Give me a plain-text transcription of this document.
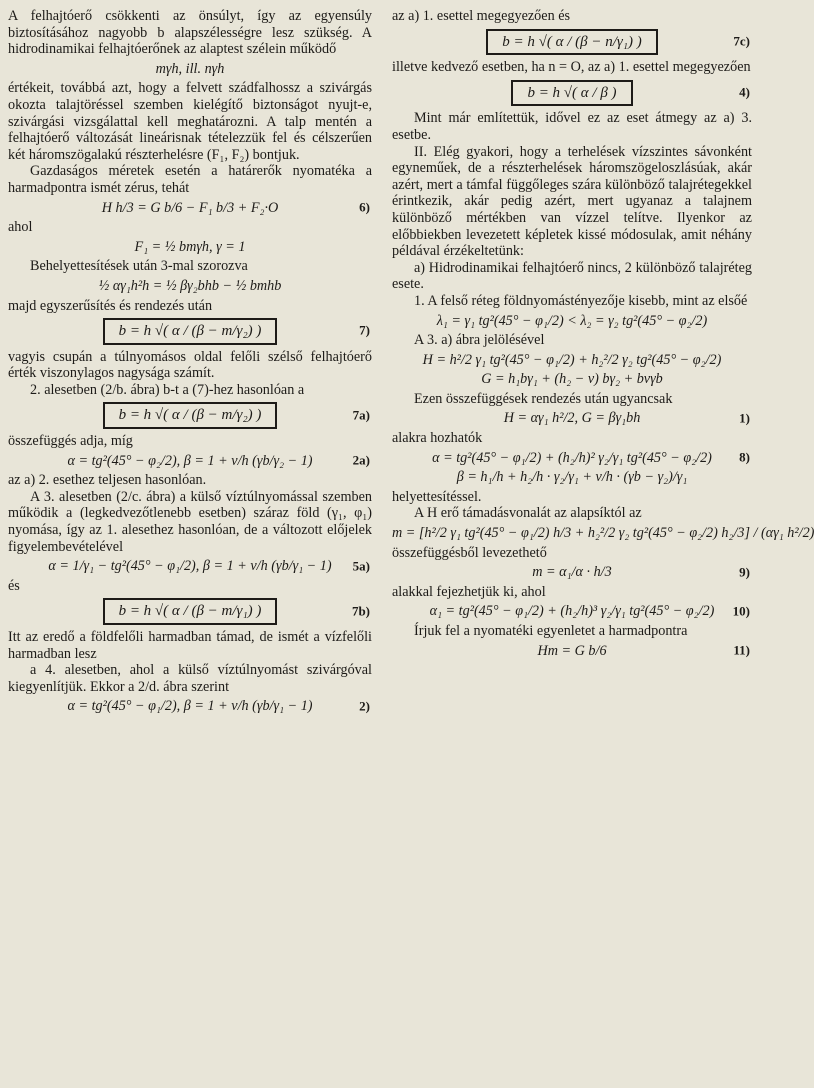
A felhajtóerő csökkenti az önsúlyt, így az egyensúly biztosításához nagyobb b alapszélességre lesz szükség. A hidrodinamikai felhajtóerőnek az alaptest szélein működő

mγh, ill. nγh

értékeit, továbbá azt, hogy a felvett szádfalhossz a szivárgás okozta talajtöréssel szemben kielégítő biztonságot nyujt-e, szivárgási vizsgálattal kell meghatározni. A talp mentén a felhajtóerő változását lineárisnak tételezzük fel és célszerűen két háromszögalakú részterhelésre (F₁, F₂) bontjuk.

Gazdaságos méretek esetén a határerők nyomatéka a harmadpontra ismét zérus, tehát

H h/3 = G b/6 − F₁ b/3 + F₂·O	6)

ahol

F₁ = ½ bmγh, γ = 1

Behelyettesítések után 3-mal szorozva

½ αγ₁h²h = ½ βγ₂bhb − ½ bmhb

majd egyszerűsítés és rendezés után

b = h √( α / (β − m/γ₂) )	7)

vagyis csupán a túlnyomásos oldal felőli szélső felhajtóerő érték viszonylagos nagysága számít.

2. alesetben (2/b. ábra) b-t a (7)-hez hasonlóan a

b = h √( α / (β − m/γ₂) )	7a)

összefüggés adja, míg

α = tg²(45° − φ₂/2), β = 1 + v/h (γb/γ₂ − 1)	2a)

az a) 2. esethez teljesen hasonlóan.

A 3. alesetben (2/c. ábra) a külső víztúlnyomással szemben működik a (legkedvezőtlenebb esetben) száraz föld (γ₁, φ₁) nyomása, így az 1. alesethez hasonlóan, de a változott előjelek figyelembevételével

α = 1/γ₁ − tg²(45° − φ₁/2), β = 1 + v/h (γb/γ₁ − 1) 5a)

és

b = h √( α / (β − m/γ₁) )	7b)

Itt az eredő a földfelőli harmadban támad, de ismét a vízfelőli harmadban lesz

a 4. alesetben, ahol a külső víztúlnyomást szivárgóval kiegyenlítjük. Ekkor a 2/d. ábra szerint

α = tg²(45° − φ₁/2), β = 1 + v/h (γb/γ₁ − 1)	2)

az a) 1. esettel megegyezően és

b = h √( α / (β − n/γ₁) )	7c)

illetve kedvező esetben, ha n = O, az a) 1. esettel megegyezően

b = h √( α / β )	4)

Mint már említettük, idővel ez az eset átmegy az a) 3. esetbe.

II. Elég gyakori, hogy a terhelések vízszintes sávonként egyneműek, de a részterhelések háromszögeloszlásúak, akár azért, mert a támfal függőleges szára különböző talajrétegekkel érintkezik, akár pedig azért, mert ugyanaz a talajnem különböző mértékben van vízzel telítve. Ilyenkor az előbbiekben levezetett képletek kissé módosulak, amit néhány példával érzékeltetünk:

a) Hidrodinamikai felhajtóerő nincs, 2 különböző talajréteg esete.

1. A felső réteg földnyomástényezője kisebb, mint az elsőé

λ₁ = γ₁ tg²(45° − φ₁/2) < λ₂ = γ₂ tg²(45° − φ₂/2)

A 3. a) ábra jelölésével

H = h²/2 γ₁ tg²(45° − φ₁/2) + h₂²/2 γ₂ tg²(45° − φ₂/2)
G = h₁bγ₁ + (h₂ − v) bγ₂ + bvγb

Ezen összefüggések rendezés után ugyancsak

H = αγ₁ h²/2, G = βγ₁bh	1)

alakra hozhatók

α = tg²(45° − φ₁/2) + (h₂/h)² γ₂/γ₁ tg²(45° − φ₂/2) 8)
β = h₁/h + h₂/h · γ₂/γ₁ + v/h · (γb − γ₂)/γ₁

helyettesítéssel.

A H erő támadásvonalát az alapsíktól az

m = [h²/2 γ₁ tg²(45° − φ₁/2) h/3 + h₂²/2 γ₂ tg²(45° − φ₂/2) h₂/3] / (αγ₁ h²/2)

összefüggésből levezethető

m = α₁/α · h/3	9)

alakkal fejezhetjük ki, ahol

α₁ = tg²(45° − φ₁/2) + (h₂/h)³ γ₂/γ₁ tg²(45° − φ₂/2) 10)

Írjuk fel a nyomatéki egyenletet a harmadpontra

Hm = G b/6	11)
